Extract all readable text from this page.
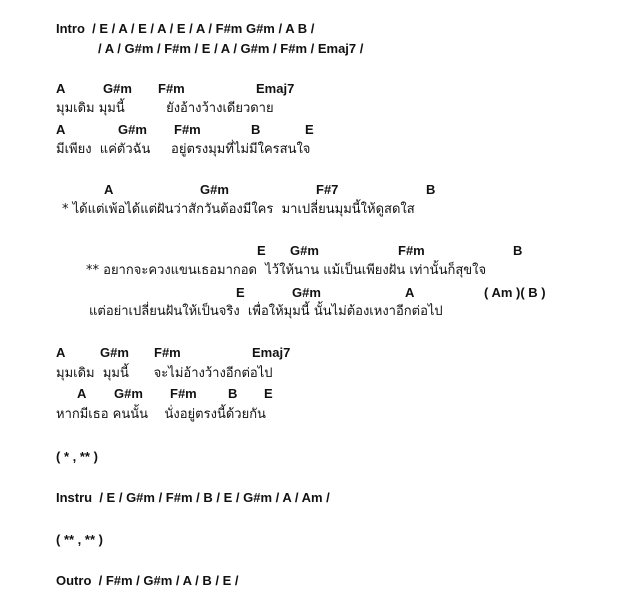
Intro  / E / A / E / A / E / A / F#m G#m / A B /
/ A / G#m / F#m / E / A / G#m / F#m / Emaj7 /
A	G#m F#m	Emaj7
มุมเดิม มุมนี้          ยังอ้างว้างเดียวดาย
A	G#m F#m	B	E
มีเพียง  แค่ตัวฉัน     อยู่ตรงมุมที่ไม่มีใครสนใจ
A	G#m	F#7	B
* ได้แต่เพ้อได้แต่ฝันว่าสักวันต้องมีใคร  มาเปลี่ยนมุมนี้ให้ดูสดใส
E G#m	F#m	B
** อยากจะควงแขนเธอมากอด  ไว้ให้นาน แม้เป็นเพียงฝัน เท่านั้นก็สุขใจ
E	G#m	A	( Am )( B )
แต่อย่าเปลี่ยนฝันให้เป็นจริง  เพื่อให้มุมนี้ นั้นไม่ต้องเหงาอีกต่อไป
A	G#m F#m	Emaj7
มุมเดิม  มุมนี้      จะไม่อ้างว้างอีกต่อไป
A G#m F#m B E
หากมีเธอ คนนั้น    นั่งอยู่ตรงนี้ด้วยกัน
( * , ** )
Instru  / E / G#m / F#m / B / E / G#m / A / Am /
( ** , ** )
Outro  / F#m / G#m / A / B / E /
